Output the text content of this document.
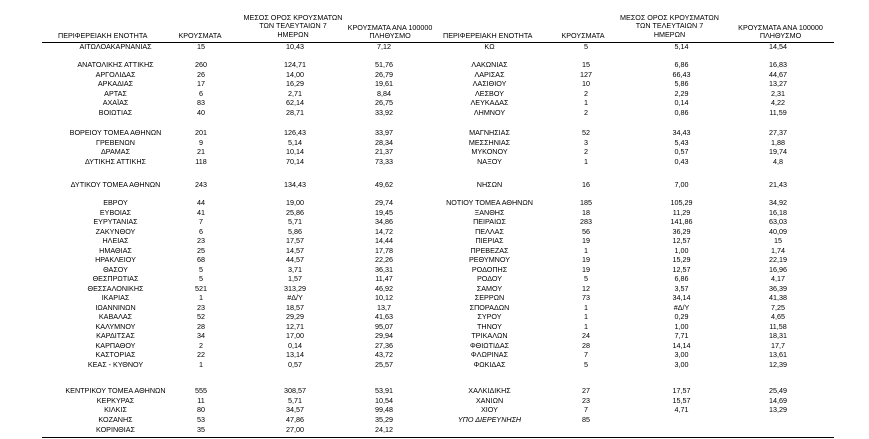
ΠΕΡΙΦΕΡΕΙΑΚΗ ΕΝΟΤΗΤΑ	ΚΡΟΥΣΜΑΤΑ
ΜΕΣΟΣ ΟΡΟΣ ΚΡΟΥΣΜΑΤΩΝ
ΤΩΝ ΤΕΛΕΥΤΑΙΩΝ 7
ΗΜΕΡΩΝ
ΚΡΟΥΣΜΑΤΑ ΑΝΑ 100000
ΠΛΗΘΥΣΜΟ	ΠΕΡΙΦΕΡΕΙΑΚΗ ΕΝΟΤΗΤΑ	ΚΡΟΥΣΜΑΤΑ
ΜΕΣΟΣ ΟΡΟΣ ΚΡΟΥΣΜΑΤΩΝ
ΤΩΝ ΤΕΛΕΥΤΑΙΩΝ 7
ΗΜΕΡΩΝ
ΚΡΟΥΣΜΑΤΑ ΑΝΑ 100000
ΠΛΗΘΥΣΜΟ
ΑΙΤΩΛΟΑΚΑΡΝΑΝΙΑΣ	15	10,43	7,12
ΑΝΑΤΟΛΙΚΗΣ ΑΤΤΙΚΗΣ	260	124,71	51,76
ΑΡΓΟΛΙΔΑΣ	26	14,00	26,79
ΑΡΚΑΔΙΑΣ	17	16,29	19,61
ΑΡΤΑΣ	6	2,71	8,84
ΑΧΑΪΑΣ	83	62,14	26,75
ΒΟΙΩΤΙΑΣ	40	28,71	33,92
ΒΟΡΕΙΟΥ ΤΟΜΕΑ ΑΘΗΝΩΝ	201	126,43	33,97
ΓΡΕΒΕΝΩΝ	9	5,14	28,34
ΔΡΑΜΑΣ	21	10,14	21,37
ΔΥΤΙΚΗΣ ΑΤΤΙΚΗΣ	118	70,14	73,33
ΔΥΤΙΚΟΥ ΤΟΜΕΑ ΑΘΗΝΩΝ	243	134,43	49,62
ΕΒΡΟΥ	44	19,00	29,74
ΕΥΒΟΙΑΣ	41	25,86	19,45
ΕΥΡΥΤΑΝΙΑΣ	7	5,71	34,86
ΖΑΚΥΝΘΟΥ	6	5,86	14,72
ΗΛΕΙΑΣ	23	17,57	14,44
ΗΜΑΘΙΑΣ	25	14,57	17,78
ΗΡΑΚΛΕΙΟΥ	68	44,57	22,26
ΘΑΣΟΥ	5	3,71	36,31
ΘΕΣΠΡΩΤΙΑΣ	5	1,57	11,47
ΘΕΣΣΑΛΟΝΙΚΗΣ	521	313,29	46,92
ΙΚΑΡΙΑΣ	1	#Δ/Υ	10,12
ΙΩΑΝΝΙΝΩΝ	23	18,57	13,7
ΚΑΒΑΛΑΣ	52	29,29	41,63
ΚΑΛΥΜΝΟΥ	28	12,71	95,07
ΚΑΡΔΙΤΣΑΣ	34	17,00	29,94
ΚΑΡΠΑΘΟΥ	2	0,14	27,36
ΚΑΣΤΟΡΙΑΣ	22	13,14	43,72
ΚΕΑΣ - ΚΥΘΝΟΥ	1	0,57	25,57
ΚΕΝΤΡΙΚΟΥ ΤΟΜΕΑ ΑΘΗΝΩΝ	555	308,57	53,91
ΚΕΡΚΥΡΑΣ	11	5,71	10,54
ΚΙΛΚΙΣ	80	34,57	99,48
ΚΟΖΑΝΗΣ	53	47,86	35,29
ΚΟΡΙΝΘΙΑΣ	35	27,00	24,12
ΚΩ	5	5,14	14,54
ΛΑΚΩΝΙΑΣ	15	6,86	16,83
ΛΑΡΙΣΑΣ	127	66,43	44,67
ΛΑΣΙΘΙΟΥ	10	5,86	13,27
ΛΕΣΒΟΥ	2	2,29	2,31
ΛΕΥΚΑΔΑΣ	1	0,14	4,22
ΛΗΜΝΟΥ	2	0,86	11,59
ΜΑΓΝΗΣΙΑΣ	52	34,43	27,37
ΜΕΣΣΗΝΙΑΣ	3	5,43	1,88
ΜΥΚΟΝΟΥ	2	0,57	19,74
ΝΑΞΟΥ	1	0,43	4,8
ΝΗΣΩΝ	16	7,00	21,43
ΝΟΤΙΟΥ ΤΟΜΕΑ ΑΘΗΝΩΝ	185	105,29	34,92
ΞΑΝΘΗΣ	18	11,29	16,18
ΠΕΙΡΑΙΩΣ	283	141,86	63,03
ΠΕΛΛΑΣ	56	36,29	40,09
ΠΙΕΡΙΑΣ	19	12,57	15
ΠΡΕΒΕΖΑΣ	1	1,00	1,74
ΡΕΘΥΜΝΟΥ	19	15,29	22,19
ΡΟΔΟΠΗΣ	19	12,57	16,96
ΡΟΔΟΥ	5	6,86	4,17
ΣΑΜΟΥ	12	3,57	36,39
ΣΕΡΡΩΝ	73	34,14	41,38
ΣΠΟΡΑΔΩΝ	1	#Δ/Υ	7,25
ΣΥΡΟΥ	1	0,29	4,65
ΤΗΝΟΥ	1	1,00	11,58
ΤΡΙΚΑΛΩΝ	24	7,71	18,31
ΦΘΙΩΤΙΔΑΣ	28	14,14	17,7
ΦΛΩΡΙΝΑΣ	7	3,00	13,61
ΦΩΚΙΔΑΣ	5	3,00	12,39
ΧΑΛΚΙΔΙΚΗΣ	27	17,57	25,49
ΧΑΝΙΩΝ	23	15,57	14,69
ΧΙΟΥ	7	4,71	13,29
ΥΠΟ ΔΙΕΡΕΥΝΗΣΗ	85
